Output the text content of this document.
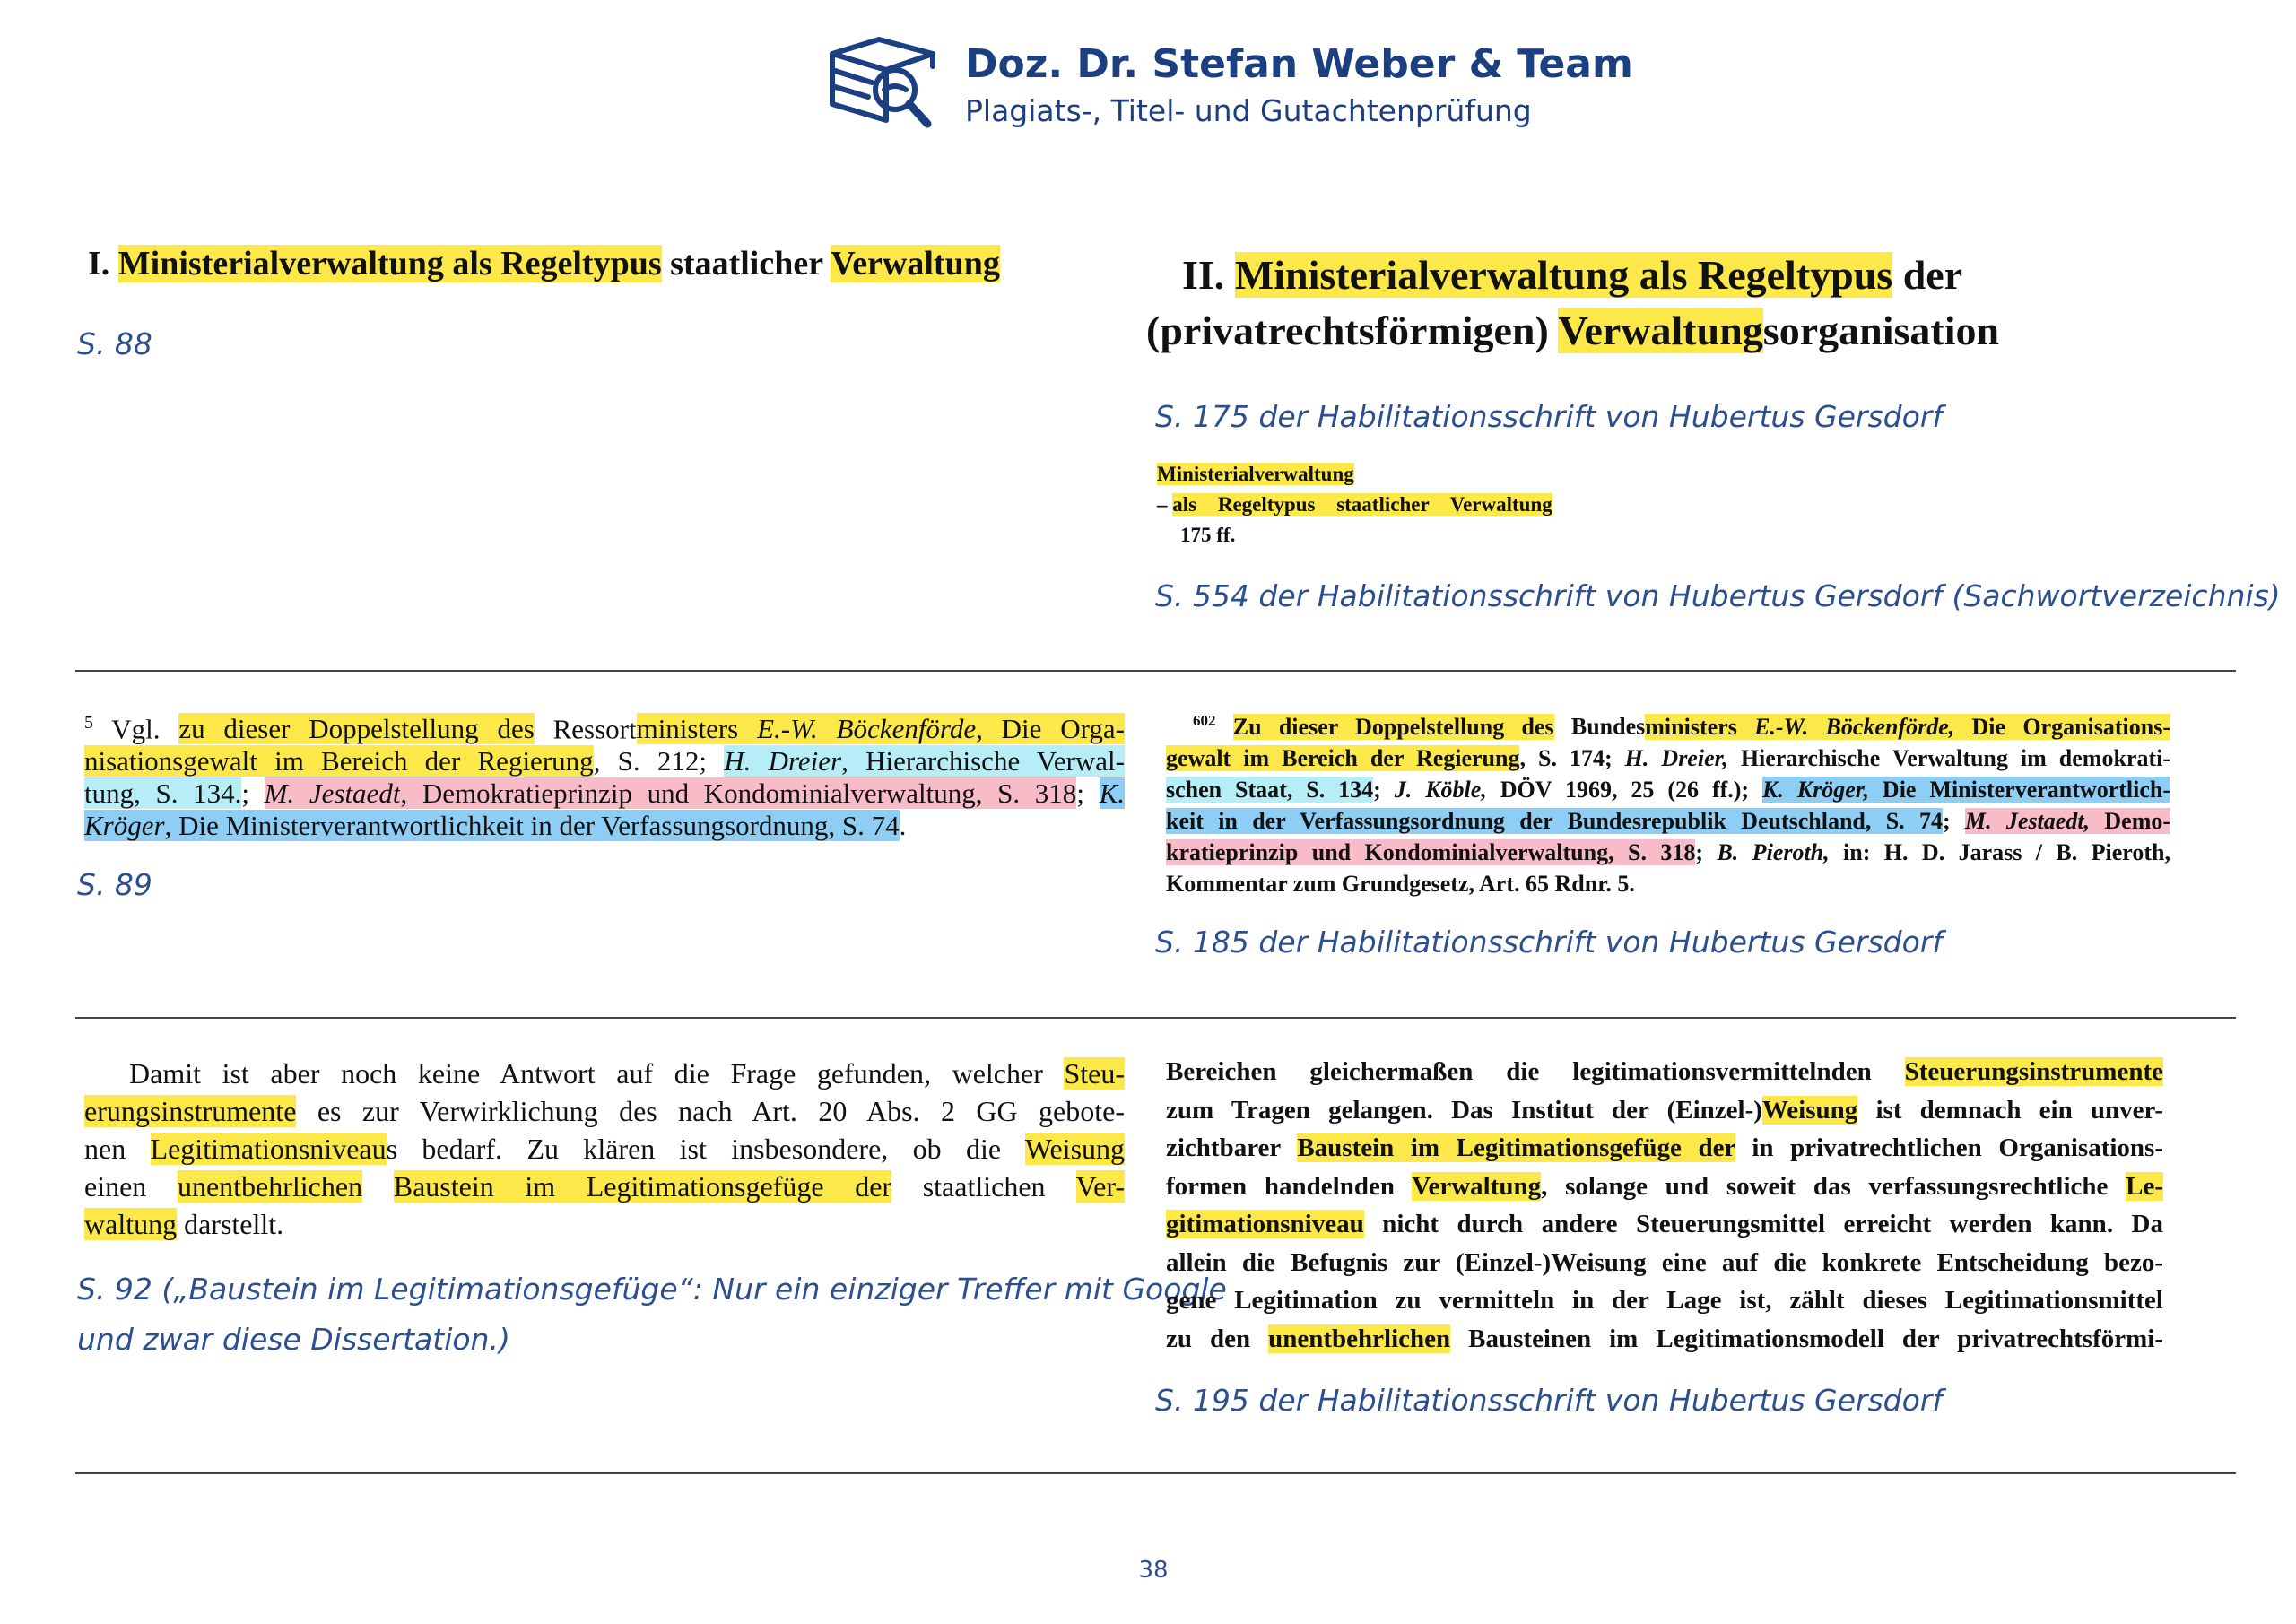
Doz. Dr. Stefan Weber & Team
Plagiats-, Titel- und Gutachtenprüfung
I. Ministerialverwaltung als Regeltypus staatlicher Verwaltung
S. 88
II. Ministerialverwaltung als Regeltypus der
(privatrechtsförmigen) Verwaltungsorganisation
S. 175 der Habilitationsschrift von Hubertus Gersdorf
Ministerialverwaltung
– als Regeltypus staatlicher Verwaltung
175 ff.
S. 554 der Habilitationsschrift von Hubertus Gersdorf (Sachwortverzeichnis)
$^5$ Vgl. zu dieser Doppelstellung des Ressortministers E.-W. Böckenförde, Die Orga-
nisationsgewalt im Bereich der Regierung, S. 212; H. Dreier, Hierarchische Verwal-
tung, S. 134.; M. Jestaedt, Demokratieprinzip und Kondominialverwaltung, S. 318; K.
Kröger, Die Ministerverantwortlichkeit in der Verfassungsordnung, S. 74.
S. 89
$^{602}$ Zu dieser Doppelstellung des Bundesministers E.-W. Böckenförde, Die Organisations-
gewalt im Bereich der Regierung, S. 174; H. Dreier, Hierarchische Verwaltung im demokrati-
schen Staat, S. 134; J. Köble, DÖV 1969, 25 (26 ff.); K. Kröger, Die Ministerverantwortlich-
keit in der Verfassungsordnung der Bundesrepublik Deutschland, S. 74; M. Jestaedt, Demo-
kratieprinzip und Kondominialverwaltung, S. 318; B. Pieroth, in: H. D. Jarass / B. Pieroth,
Kommentar zum Grundgesetz, Art. 65 Rdnr. 5.
S. 185 der Habilitationsschrift von Hubertus Gersdorf
Damit ist aber noch keine Antwort auf die Frage gefunden, welcher Steu-
erungsinstrumente es zur Verwirklichung des nach Art. 20 Abs. 2 GG gebote-
nen Legitimationsniveaus bedarf. Zu klären ist insbesondere, ob die Weisung
einen unentbehrlichen Baustein im Legitimationsgefüge der staatlichen Ver-
waltung darstellt.
S. 92 („Baustein im Legitimationsgefüge“: Nur ein einziger Treffer mit Google
und zwar diese Dissertation.)
Bereichen gleichermaßen die legitimationsvermittelnden Steuerungsinstrumente
zum Tragen gelangen. Das Institut der (Einzel-)Weisung ist demnach ein unver-
zichtbarer Baustein im Legitimationsgefüge der in privatrechtlichen Organisations-
formen handelnden Verwaltung, solange und soweit das verfassungsrechtliche Le-
gitimationsniveau nicht durch andere Steuerungsmittel erreicht werden kann. Da
allein die Befugnis zur (Einzel-)Weisung eine auf die konkrete Entscheidung bezo-
gene Legitimation zu vermitteln in der Lage ist, zählt dieses Legitimationsmittel
zu den unentbehrlichen Bausteinen im Legitimationsmodell der privatrechtsförmi-
S. 195 der Habilitationsschrift von Hubertus Gersdorf
38
